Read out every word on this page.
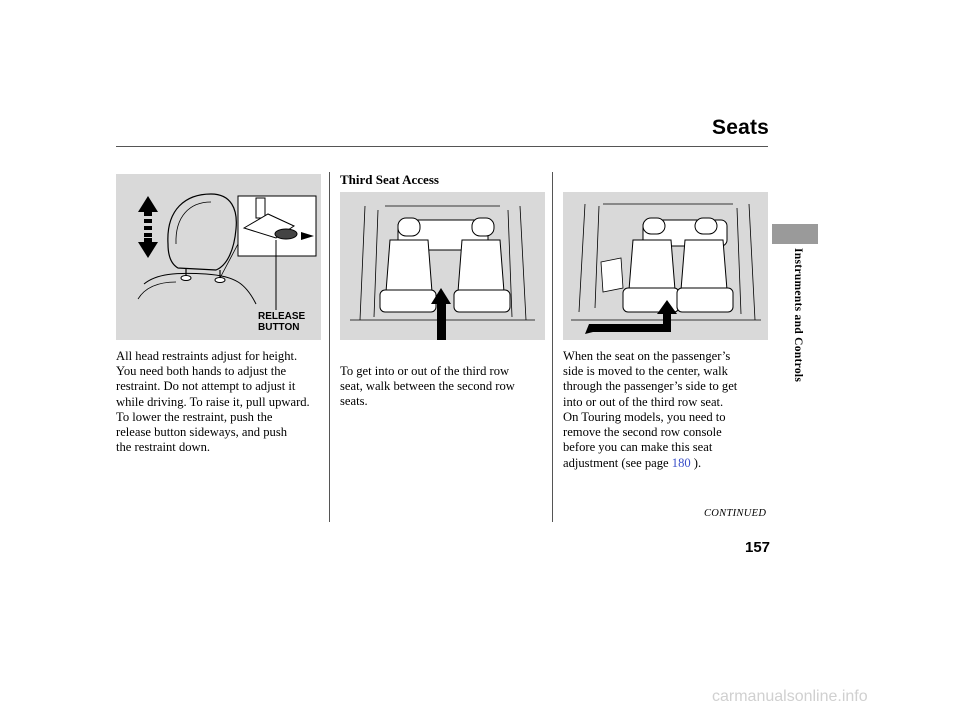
Seats
Instruments and Controls
RELEASE
BUTTON
All head restraints adjust for height.
You need both hands to adjust the
restraint. Do not attempt to adjust it
while driving. To raise it, pull upward.
To lower the restraint, push the
release button sideways, and push
the restraint down.
Third Seat Access
To get into or out of the third row
seat, walk between the second row
seats.
When the seat on the passenger’s
side is moved to the center, walk
through the passenger’s side to get
into or out of the third row seat.
On Touring models, you need to
remove the second row console
before you can make this seat
adjustment (see page 180 ).
CONTINUED
157
carmanualsonline.info
